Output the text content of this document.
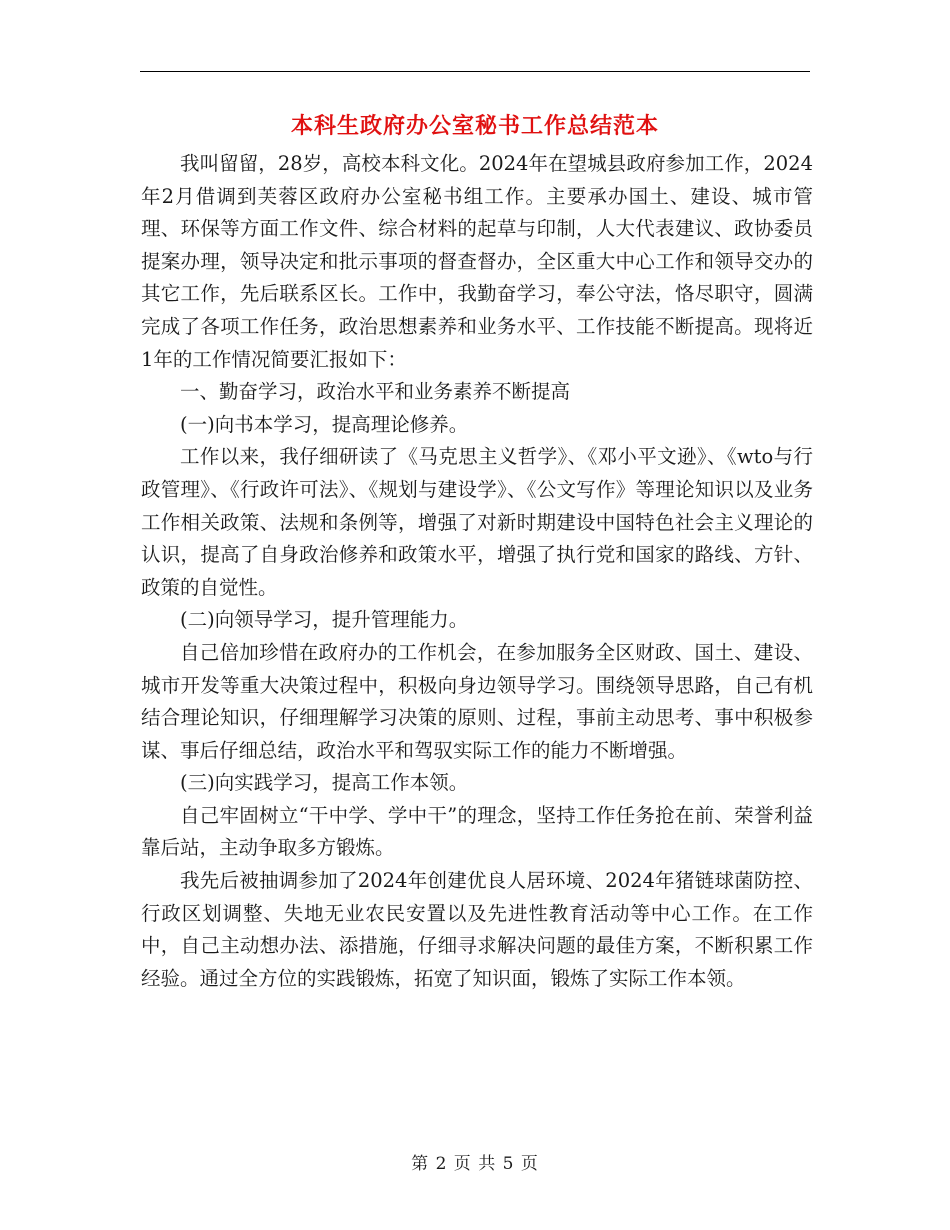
本科生政府办公室秘书工作总结范本

我叫留留，28岁，高校本科文化。2024年在望城县政府参加工作，2024年2月借调到芙蓉区政府办公室秘书组工作。主要承办国土、建设、城市管理、环保等方面工作文件、综合材料的起草与印制，人大代表建议、政协委员提案办理，领导决定和批示事项的督查督办，全区重大中心工作和领导交办的其它工作，先后联系区长。工作中，我勤奋学习，奉公守法，恪尽职守，圆满完成了各项工作任务，政治思想素养和业务水平、工作技能不断提高。现将近1年的工作情况简要汇报如下：

一、勤奋学习，政治水平和业务素养不断提高

(一)向书本学习，提高理论修养。

工作以来，我仔细研读了《马克思主义哲学》、《邓小平文逊》、《wto与行政管理》、《行政许可法》、《规划与建设学》、《公文写作》等理论知识以及业务工作相关政策、法规和条例等，增强了对新时期建设中国特色社会主义理论的认识，提高了自身政治修养和政策水平，增强了执行党和国家的路线、方针、政策的自觉性。

(二)向领导学习，提升管理能力。

自己倍加珍惜在政府办的工作机会，在参加服务全区财政、国土、建设、城市开发等重大决策过程中，积极向身边领导学习。围绕领导思路，自己有机结合理论知识，仔细理解学习决策的原则、过程，事前主动思考、事中积极参谋、事后仔细总结，政治水平和驾驭实际工作的能力不断增强。

(三)向实践学习，提高工作本领。

自己牢固树立“干中学、学中干”的理念，坚持工作任务抢在前、荣誉利益靠后站，主动争取多方锻炼。

我先后被抽调参加了2024年创建优良人居环境、2024年猪链球菌防控、行政区划调整、失地无业农民安置以及先进性教育活动等中心工作。在工作中，自己主动想办法、添措施，仔细寻求解决问题的最佳方案，不断积累工作经验。通过全方位的实践锻炼，拓宽了知识面，锻炼了实际工作本领。

第 2 页 共 5 页
